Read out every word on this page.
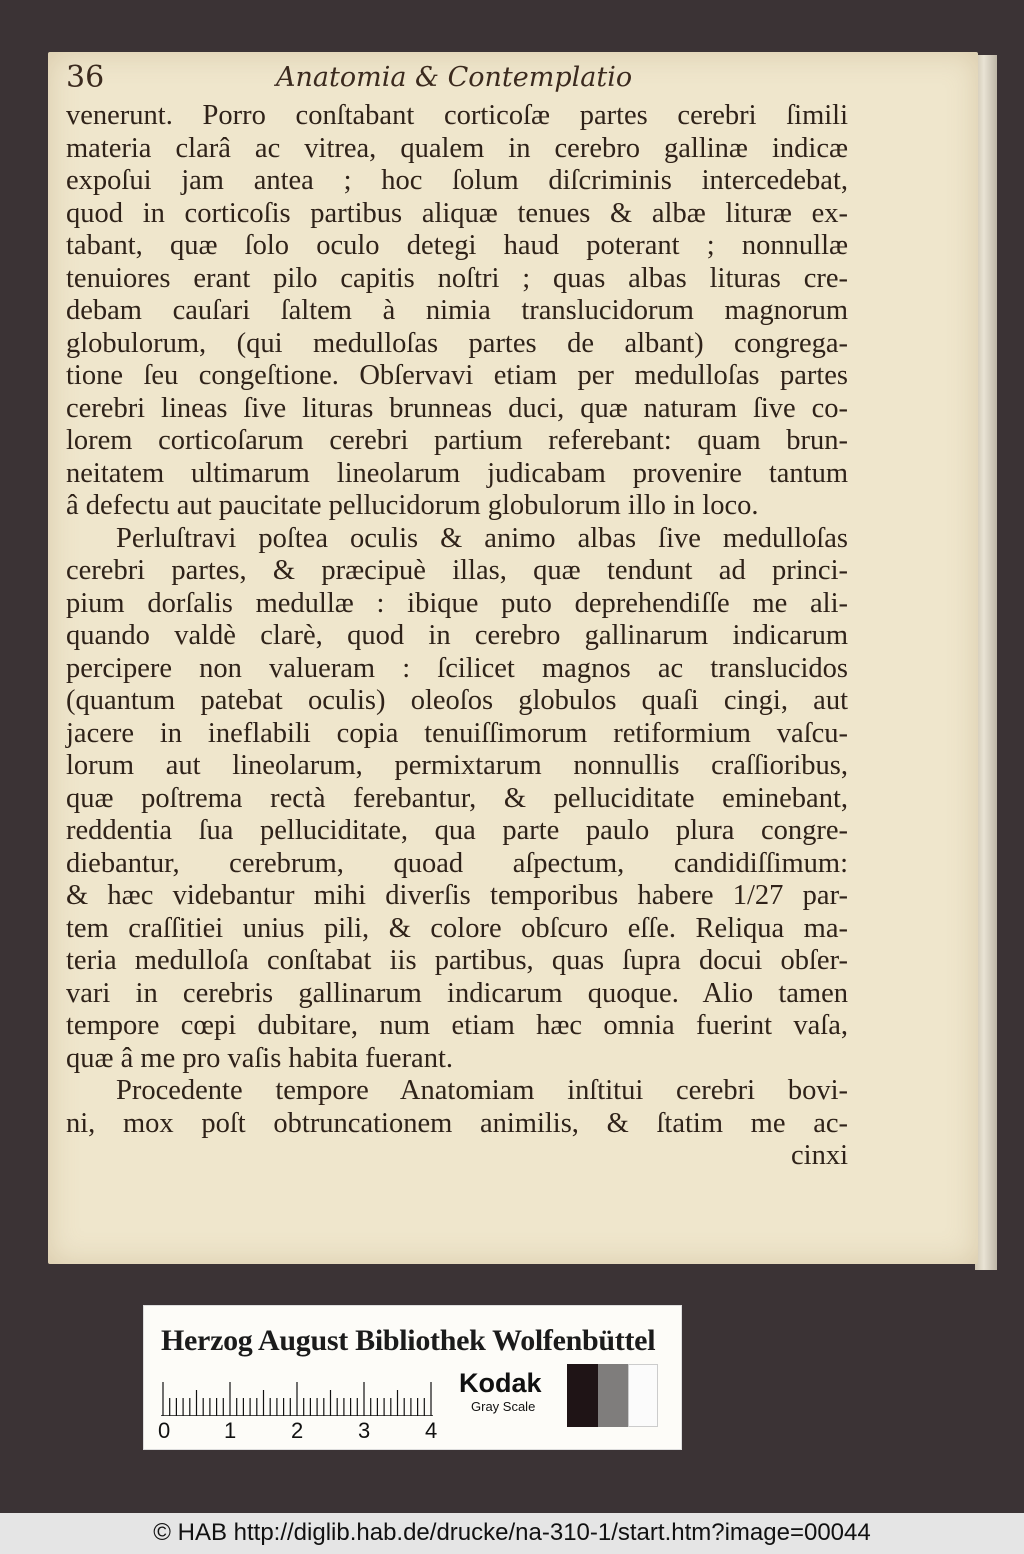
36	Anatomia & Contemplatio
venerunt. Porro conſtabant corticoſæ partes cerebri ſimili
materia clarâ ac vitrea, qualem in cerebro gallinæ indicæ
expoſui jam antea ; hoc ſolum diſcriminis intercedebat,
quod in corticoſis partibus aliquæ tenues & albæ lituræ ex-
tabant, quæ ſolo oculo detegi haud poterant ; nonnullæ
tenuiores erant pilo capitis noſtri ; quas albas lituras cre-
debam cauſari ſaltem à nimia translucidorum magnorum
globulorum, (qui medulloſas partes de albant) congrega-
tione ſeu congeſtione. Obſervavi etiam per medulloſas partes
cerebri lineas ſive lituras brunneas duci, quæ naturam ſive co-
lorem corticoſarum cerebri partium referebant: quam brun-
neitatem ultimarum lineolarum judicabam provenire tantum
â defectu aut paucitate pellucidorum globulorum illo in loco.
Perluſtravi poſtea oculis & animo albas ſive medulloſas
cerebri partes, & præcipuè illas, quæ tendunt ad princi-
pium dorſalis medullæ : ibique puto deprehendiſſe me ali-
quando valdè clarè, quod in cerebro gallinarum indicarum
percipere non valueram : ſcilicet magnos ac translucidos
(quantum patebat oculis) oleoſos globulos quaſi cingi, aut
jacere in ineflabili copia tenuiſſimorum retiformium vaſcu-
lorum aut lineolarum, permixtarum nonnullis craſſioribus,
quæ poſtrema rectà ferebantur, & pelluciditate eminebant,
reddentia ſua pelluciditate, qua parte paulo plura congre-
diebantur, cerebrum, quoad aſpectum, candidiſſimum:
& hæc videbantur mihi diverſis temporibus habere 1/27 par-
tem craſſitiei unius pili, & colore obſcuro eſſe. Reliqua ma-
teria medulloſa conſtabat iis partibus, quas ſupra docui obſer-
vari in cerebris gallinarum indicarum quoque. Alio tamen
tempore cœpi dubitare, num etiam hæc omnia fuerint vaſa,
quæ â me pro vaſis habita fuerant.
Procedente tempore Anatomiam inſtitui cerebri bovi-
ni, mox poſt obtruncationem animilis, & ſtatim me ac-
cinxi
Herzog August Bibliothek Wolfenbüttel
0 1 2 3 4
Kodak
Gray Scale
© HAB http://diglib.hab.de/drucke/na-310-1/start.htm?image=00044
